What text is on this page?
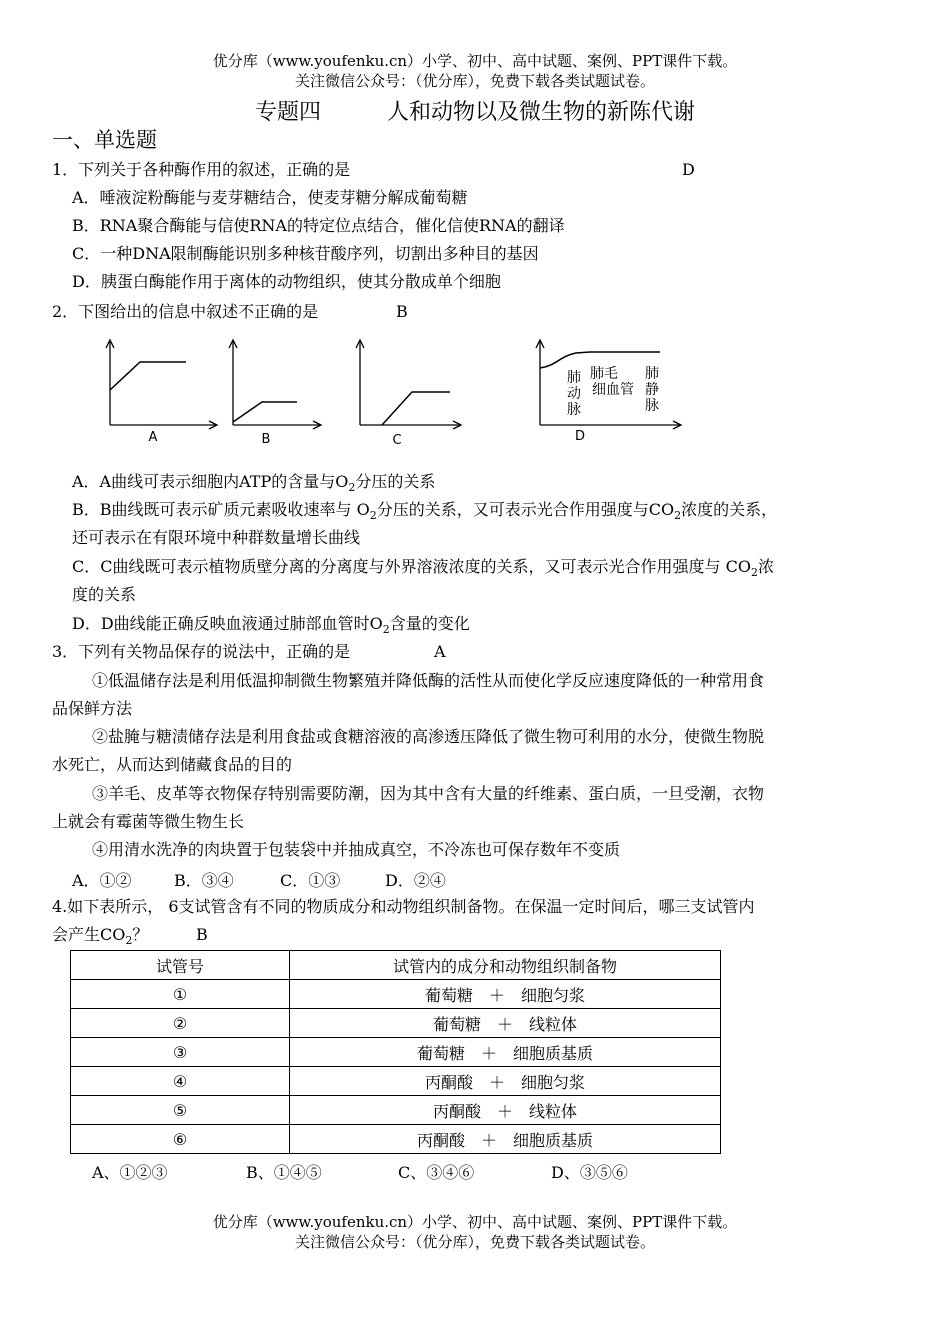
优分库（www.youfenku.cn）小学、初中、高中试题、案例、PPT课件下载。
关注微信公众号：（优分库），免费下载各类试题试卷。
专题四　　　人和动物以及微生物的新陈代谢
一、单选题
1．下列关于各种酶作用的叙述，正确的是	D
A．唾液淀粉酶能与麦芽糖结合，使麦芽糖分解成葡萄糖
B．RNA聚合酶能与信使RNA的特定位点结合，催化信使RNA的翻译
C．一种DNA限制酶能识别多种核苷酸序列，切割出多种目的基因
D．胰蛋白酶能作用于离体的动物组织，使其分散成单个细胞
2．下图给出的信息中叙述不正确的是	B
A	B	C	D
肺
动
脉
肺毛
细血管
肺
静
脉
A．A曲线可表示细胞内ATP的含量与$O_2$分压的关系
B．B曲线既可表示矿质元素吸收速率与 $O_2$分压的关系，又可表示光合作用强度与$CO_2$浓度的关系，
还可表示在有限环境中种群数量增长曲线
C．C曲线既可表示植物质壁分离的分离度与外界溶液浓度的关系，又可表示光合作用强度与 $CO_2$浓
度的关系
D．D曲线能正确反映血液通过肺部血管时$O_2$含量的变化
3．下列有关物品保存的说法中，正确的是	A
①低温储存法是利用低温抑制微生物繁殖并降低酶的活性从而使化学反应速度降低的一种常用食
品保鲜方法
②盐腌与糖渍储存法是利用食盐或食糖溶液的高渗透压降低了微生物可利用的水分，使微生物脱
水死亡，从而达到储藏食品的目的
③羊毛、皮革等衣物保存特别需要防潮，因为其中含有大量的纤维素、蛋白质，一旦受潮，衣物
上就会有霉菌等微生物生长
④用清水洗净的肉块置于包装袋中并抽成真空，不冷冻也可保存数年不变质
A．①②	B．③④	C．①③	D．②④
4.如下表所示， 6支试管含有不同的物质成分和动物组织制备物。在保温一定时间后，哪三支试管内
会产生$CO_2$？	B
试管号	试管内的成分和动物组织制备物
①	葡萄糖　＋　细胞匀浆
②	葡萄糖　＋　线粒体
③	葡萄糖　＋　细胞质基质
④	丙酮酸　＋　细胞匀浆
⑤	丙酮酸　＋　线粒体
⑥	丙酮酸　＋　细胞质基质
A、①②③	B、①④⑤	C、③④⑥	D、③⑤⑥
优分库（www.youfenku.cn）小学、初中、高中试题、案例、PPT课件下载。
关注微信公众号：（优分库），免费下载各类试题试卷。
